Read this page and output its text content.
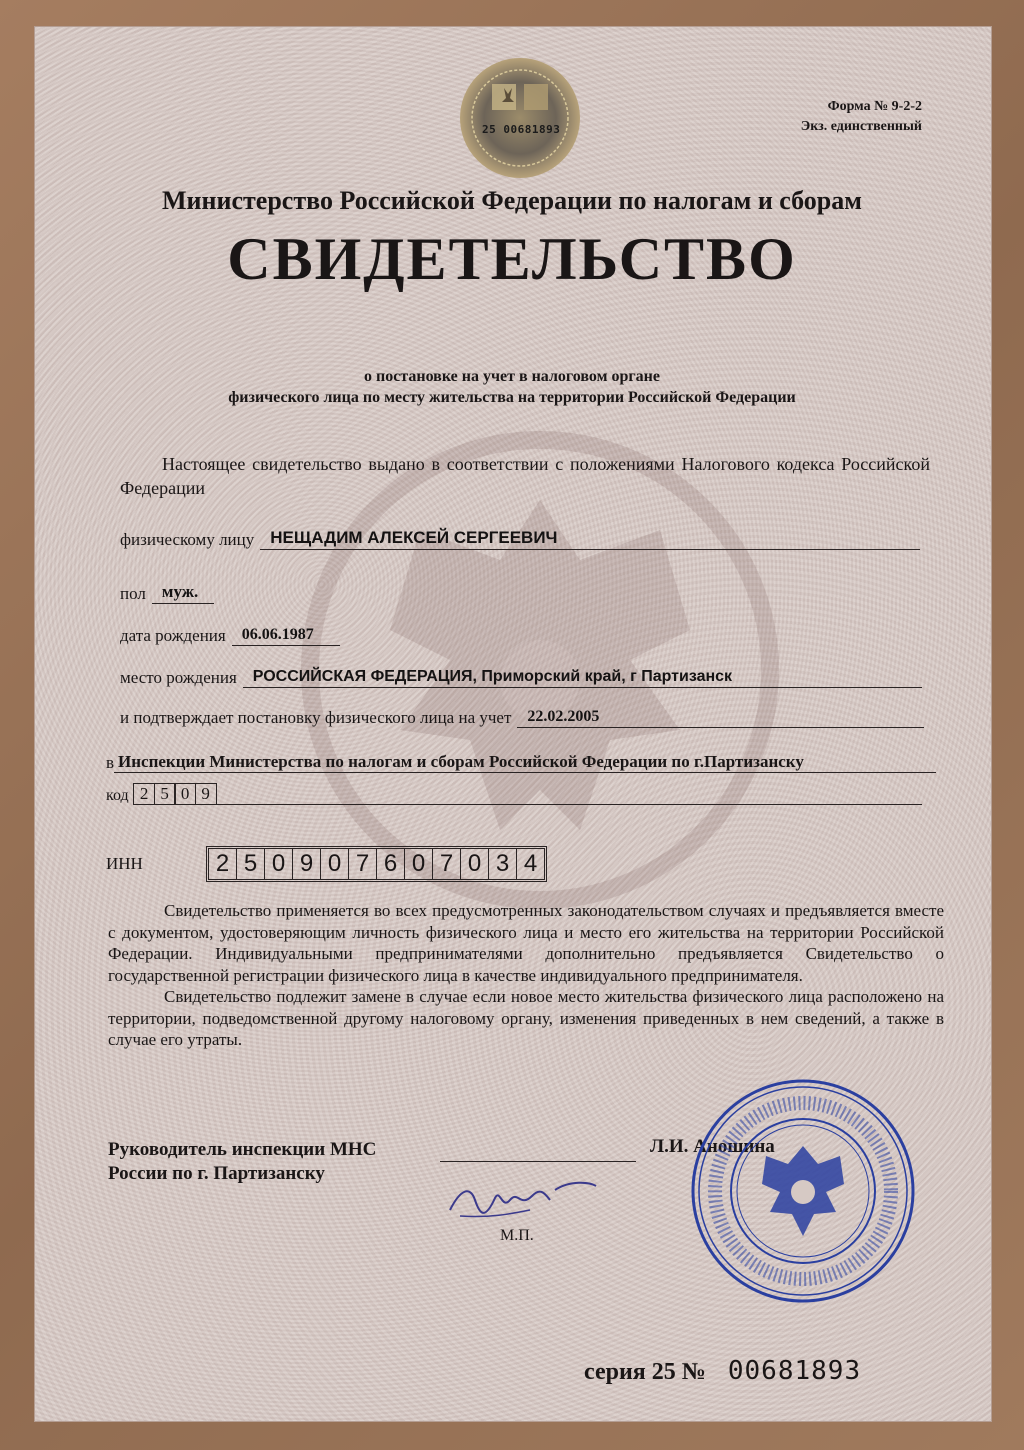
25 00681893
Форма № 9-2-2
Экз. единственный
Министерство Российской Федерации по налогам и сборам
СВИДЕТЕЛЬСТВО
о постановке на учет в налоговом органе
физического лица по месту жительства на территории Российской Федерации
Настоящее свидетельство выдано в соответствии с положениями Налогового кодекса Российской Федерации
физическому лицу НЕЩАДИМ АЛЕКСЕЙ СЕРГЕЕВИЧ
пол муж.
дата рождения	06.06.1987
место рождения	РОССИЙСКАЯ ФЕДЕРАЦИЯ, Приморский край, г Партизанск
и подтверждает постановку физического лица на учет	22.02.2005
в Инспекции Министерства по налогам и сборам Российской Федерации по г.Партизанску
код 2 5 0 9
ИНН	2 5 0 9 0 7 6 0 7 0 3 4

Свидетельство применяется во всех предусмотренных законодательством случаях и предъявляется вместе с документом, удостоверяющим личность физического лица и место его жительства на территории Российской Федерации. Индивидуальными предпринимателями дополнительно предъявляется Свидетельство о государственной регистрации физического лица в качестве индивидуального предпринимателя.

Свидетельство подлежит замене в случае если новое место жительства физического лица расположено на территории, подведомственной другому налоговому органу, изменения приведенных в нем сведений, а также в случае его утраты.

Руководитель инспекции МНС
России по г. Партизанску
Л.И. Аношина
М.П.
серия 25 № 00681893
